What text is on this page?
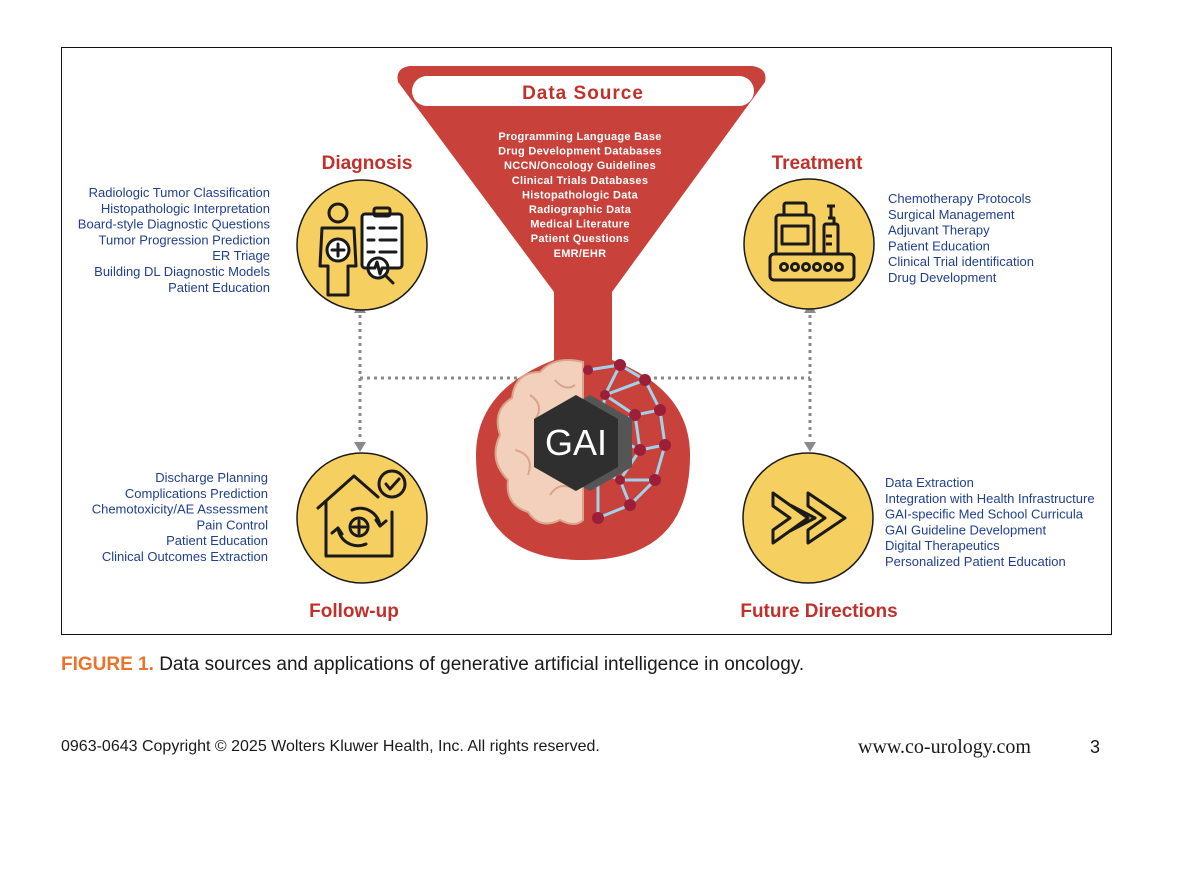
Data Source
Programming Language Base
Drug Development Databases
NCCN/Oncology Guidelines
Clinical Trials Databases
Histopathologic Data
Radiographic Data
Medical Literature
Patient Questions
EMR/EHR
GAI
Diagnosis	Treatment
Follow-up	Future Directions
Radiologic Tumor Classification
Histopathologic Interpretation
Board-style Diagnostic Questions
Tumor Progression Prediction
ER Triage
Building DL Diagnostic Models
Patient Education
Chemotherapy Protocols
Surgical Management
Adjuvant Therapy
Patient Education
Clinical Trial identification
Drug Development
Discharge Planning
Complications Prediction
Chemotoxicity/AE Assessment
Pain Control
Patient Education
Clinical Outcomes Extraction
Data Extraction
Integration with Health Infrastructure
GAI-specific Med School Curricula
GAI Guideline Development
Digital Therapeutics
Personalized Patient Education
FIGURE 1. Data sources and applications of generative artificial intelligence in oncology.
0963-0643 Copyright © 2025 Wolters Kluwer Health, Inc. All rights reserved.	www.co-urology.com	3
